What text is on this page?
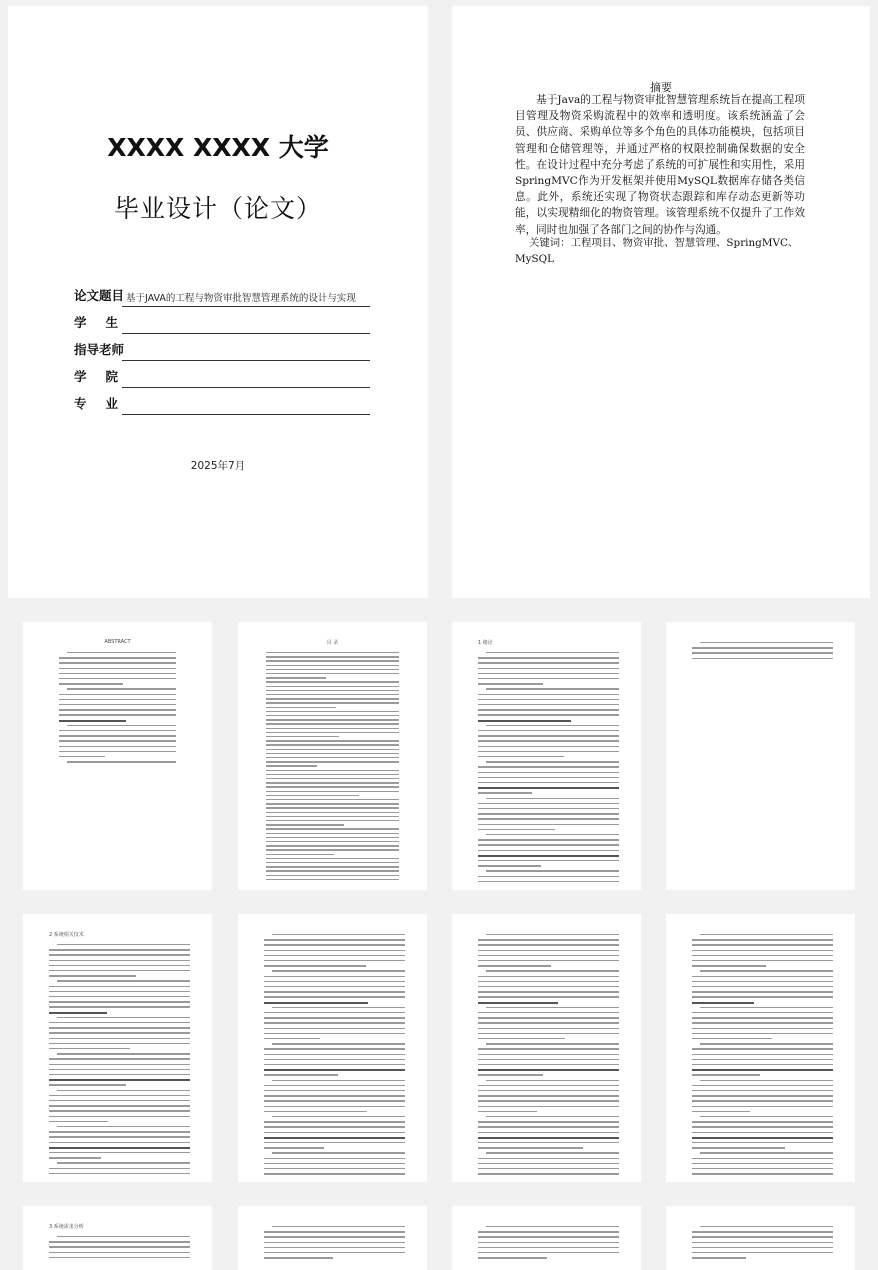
XXXX XXXX 大学
毕业设计（论文）
论文题目 基于JAVA的工程与物资审批智慧管理系统的设计与实现
学 生
指导老师
学 院
专 业
2025年7月
摘要
基于Java的工程与物资审批智慧管理系统旨在提高工程项目管理及物资采购流程中的效率和透明度。该系统涵盖了会员、供应商、采购单位等多个角色的具体功能模块，包括项目管理和仓储管理等，并通过严格的权限控制确保数据的安全性。在设计过程中充分考虑了系统的可扩展性和实用性，采用SpringMVC作为开发框架并使用MySQL数据库存储各类信息。此外，系统还实现了物资状态跟踪和库存动态更新等功能，以实现精细化的物资管理。该管理系统不仅提升了工作效率，同时也加强了各部门之间的协作与沟通。
关键词：工程项目、物资审批、智慧管理、SpringMVC、MySQL
ABSTRACT	目 录	1 绪论
2 系统相关技术
3 系统需求分析
